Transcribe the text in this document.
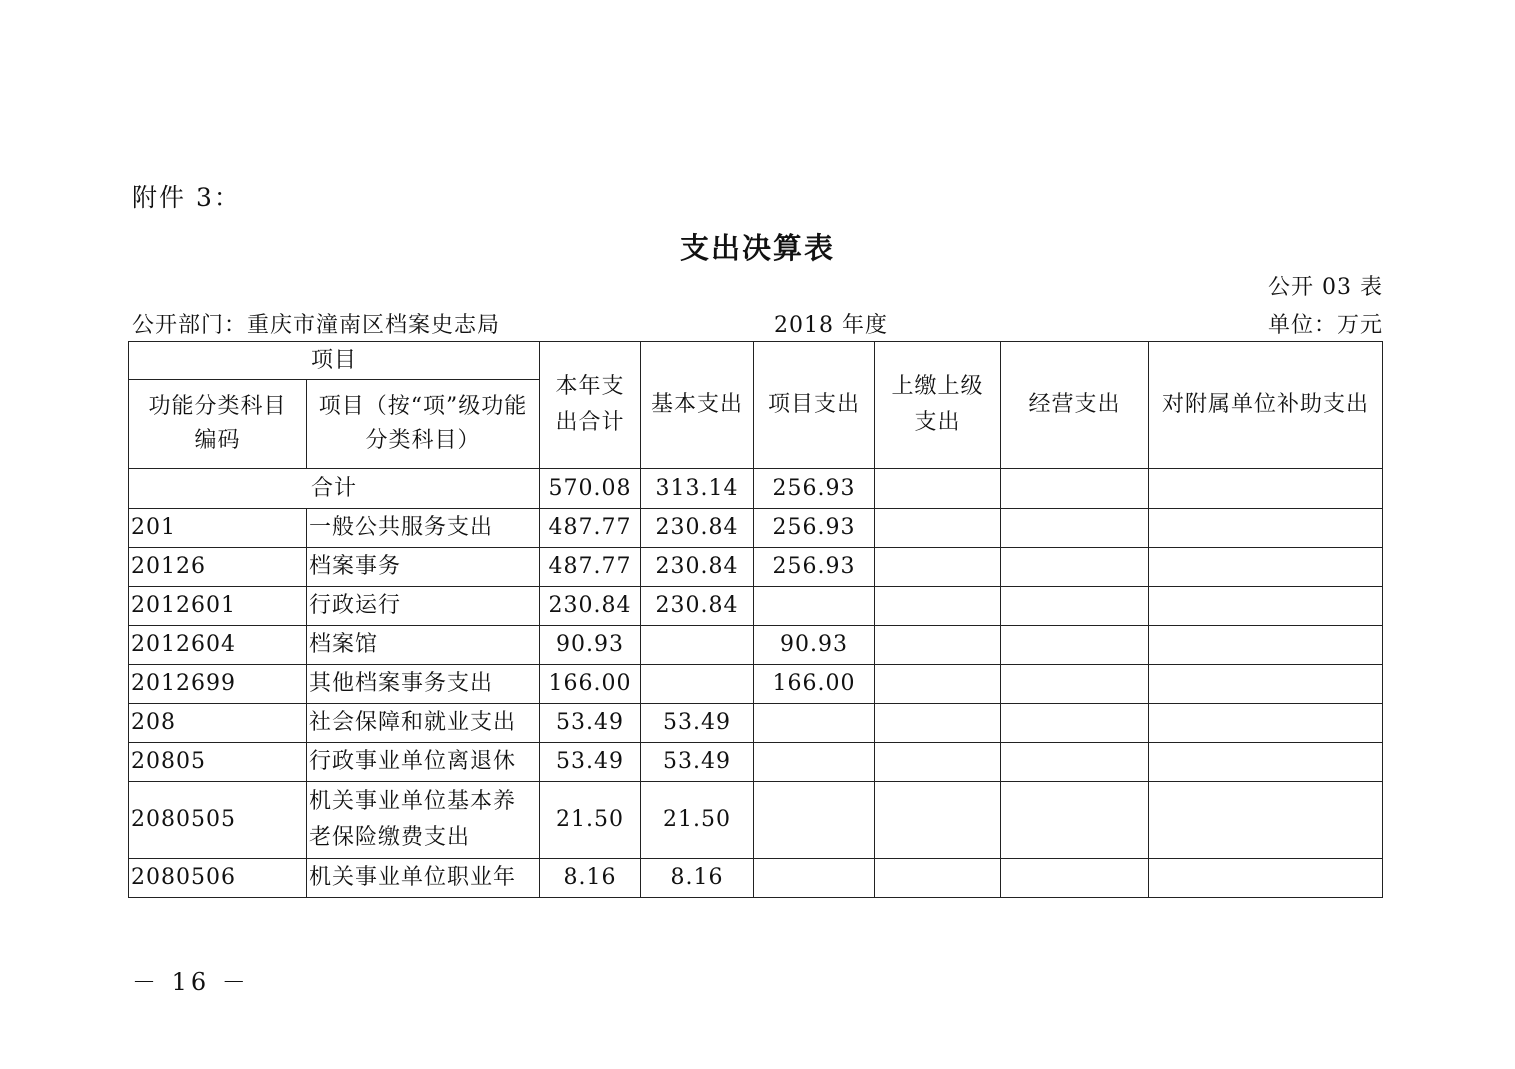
附件 3：
支出决算表
公开 03 表
公开部门：重庆市潼南区档案史志局	2018 年度	单位：万元
项目		本年支出合计	基本支出	项目支出	上缴上级支出	经营支出	对附属单位补助支出

功能分类科目编码	项目（按“项”级功能分类科目）						

合计		570.08	313.14	256.93			
201	一般公共服务支出	487.77	230.84	256.93			
20126	档案事务	487.77	230.84	256.93			
2012601	行政运行	230.84	230.84				
2012604	档案馆	90.93		90.93			
2012699	其他档案事务支出	166.00		166.00			
208	社会保障和就业支出	53.49	53.49				
20805	行政事业单位离退休	53.49	53.49				
2080505	机关事业单位基本养老保险缴费支出	21.50	21.50				
2080506	机关事业单位职业年	8.16	8.16				
－ 16 －
